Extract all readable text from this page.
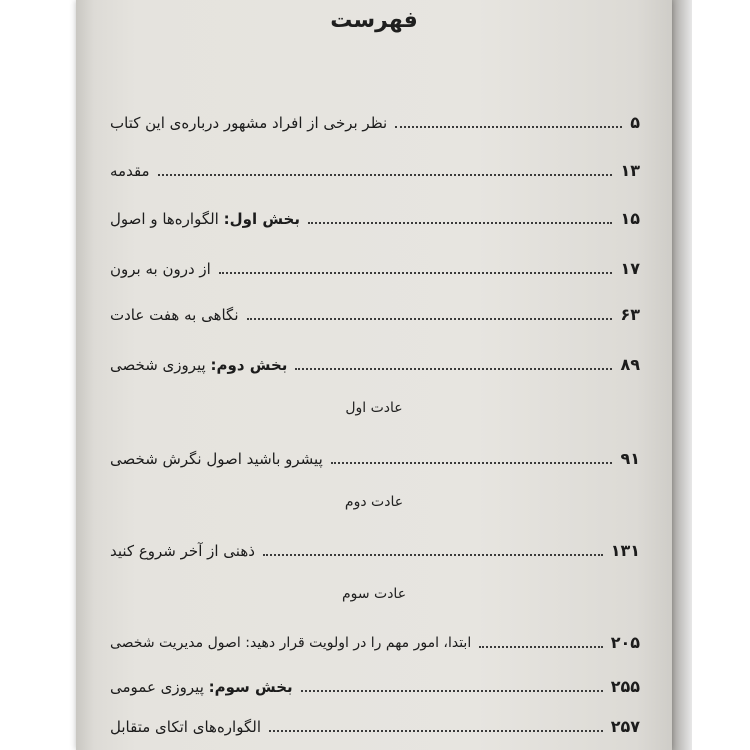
فهرست
نظر برخی از افراد مشهور درباره‌ی این کتاب	۵
مقدمه	۱۳
بخش اول: الگواره‌ها و اصول	۱۵
از درون به برون	۱۷
نگاهی به هفت عادت	۶۳
بخش دوم: پیروزی شخصی	۸۹
عادت اول
پیشرو باشید اصول نگرش شخصی	۹۱
عادت دوم
ذهنی از آخر شروع کنید	۱۳۱
عادت سوم
ابتدا، امور مهم را در اولویت قرار دهید: اصول مدیریت شخصی	۲۰۵
بخش سوم: پیروزی عمومی	۲۵۵
الگواره‌های اتکای متقابل	۲۵۷
